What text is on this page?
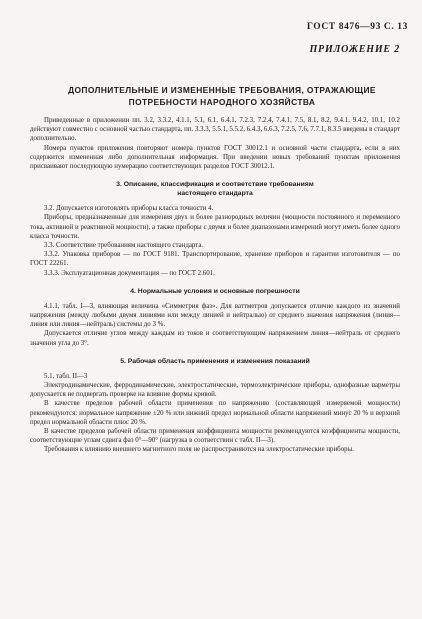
ГОСТ 8476—93 С. 13
ПРИЛОЖЕНИЕ 2
ДОПОЛНИТЕЛЬНЫЕ И ИЗМЕНЕННЫЕ ТРЕБОВАНИЯ, ОТРАЖАЮЩИЕ
ПОТРЕБНОСТИ НАРОДНОГО ХОЗЯЙСТВА

Приведенные в приложении пп. 3.2, 3.3.2, 4.1.1, 5.1, 6.1, 6.4.1, 7.2.3, 7.2.4, 7.4.1, 7.5, 8.1, 8.2, 9.4.1, 9.4.2, 10.1, 10.2 действуют совместно с основной частью стандарта, пп. 3.3.3, 5.5.1, 5.5.2, 6.4.3, 6.6.3, 7.2.5, 7.6, 7.7.1, 8.3.5 введены в стандарт дополнительно.

Номера пунктов приложения повторяют номера пунктов ГОСТ 30012.1 и основной части стандарта, если в них содержится измененная либо дополнительная информация. При введении новых требований пунктам приложения присваивают последующую нумерацию соответствующих разделов ГОСТ 30012.1.

3. Описание, классификация и соответствие требованиям
настоящего стандарта

3.2. Допускается изготовлять приборы класса точности 4.

Приборы, предназначенные для измерения двух и более разнородных величин (мощности постоянного и переменного тока, активной и реактивной мощности), а также приборы с двумя и более диапазонами измерений могут иметь более одного класса точности.

3.3. Соответствие требованиям настоящего стандарта.

3.3.2. Упаковка приборов — по ГОСТ 9181. Транспортирование, хранение приборов и гарантии изготовителя — по ГОСТ 22261.

3.3.3. Эксплуатационная документация — по ГОСТ 2.601.

4. Нормальные условия и основные погрешности

4.1.1, табл. I—3, влияющая величина «Симметрия фаз». Для ваттметров допускается отличие каждого из значений напряжения (между любыми двумя линиями или между линией и нейтралью) от среднего значения напряжения (линия—линия или линия—нейтраль) системы до 3 %.

Допускается отличие углов между каждым из токов и соответствующим напряжением линия—нейтраль от среднего значения угла до 3°.

5. Рабочая область применения и изменения показаний

5.1, табл. II—3

Электродинамические, ферродинамические, электростатические, термоэлектрические приборы, однофазные варметры допускается не подвергать проверке на влияние формы кривой.

В качестве пределов рабочей области применения по напряжению (составляющей измеряемой мощности) рекомендуются: нормальное напряжение ±20 % или нижний предел нормальной области напряжений минус 20 % и верхний предел нормальной области плюс 20 %.

В качестве пределов рабочей области применения коэффициента мощности рекомендуются коэффициенты мощности, соответствующие углам сдвига фаз 0°—90° (нагрузка в соответствии с табл. II—3).

Требования к влиянию внешнего магнитного поля не распространяются на электростатические приборы.
